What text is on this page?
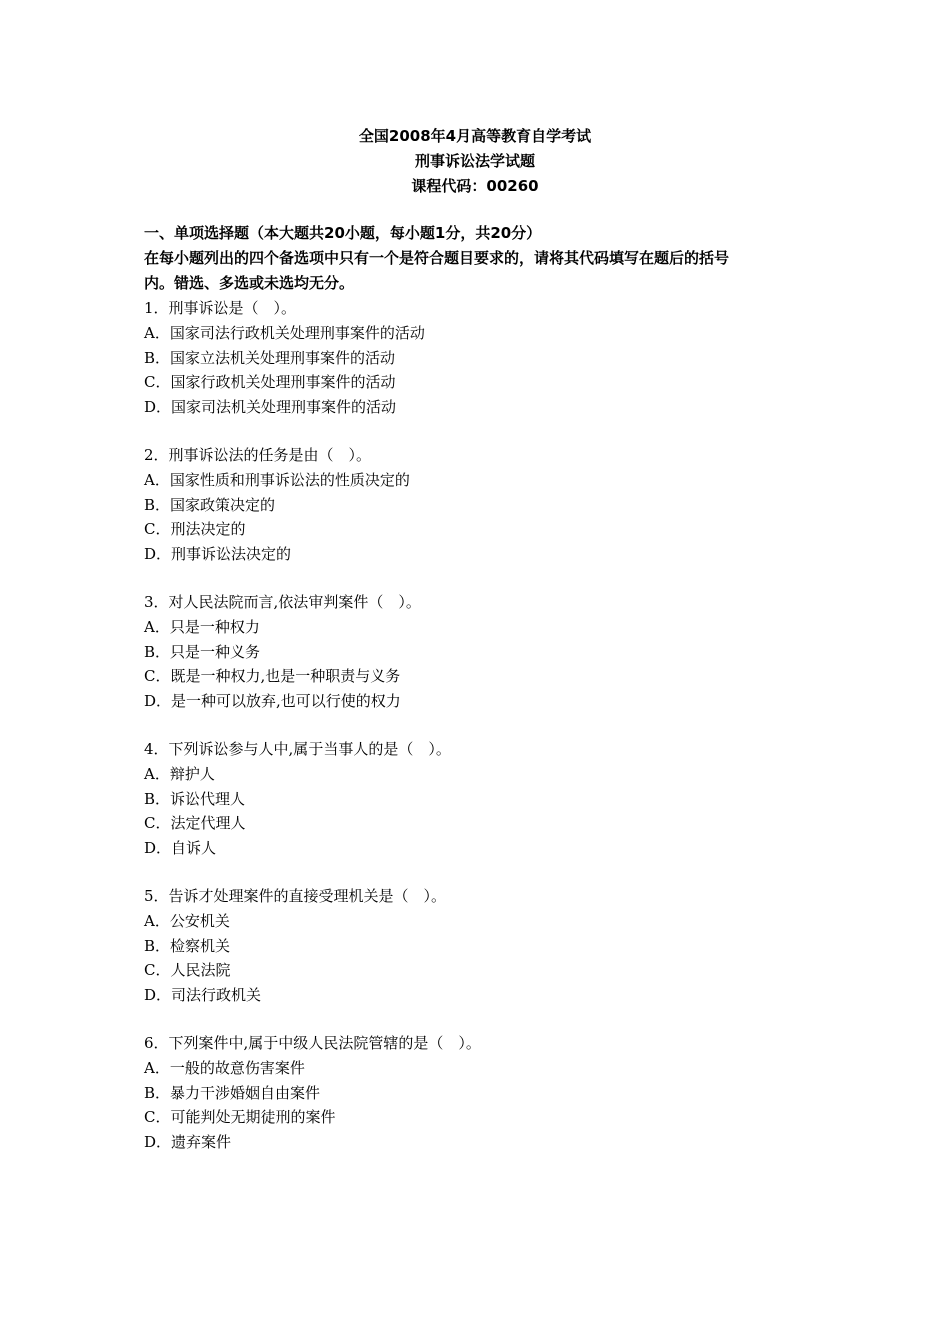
全国2008年4月高等教育自学考试
刑事诉讼法学试题
课程代码：00260
一、单项选择题（本大题共20小题，每小题1分，共20分）
在每小题列出的四个备选项中只有一个是符合题目要求的，请将其代码填写在题后的括号
内。错选、多选或未选均无分。
1．刑事诉讼是（　）。
A．国家司法行政机关处理刑事案件的活动
B．国家立法机关处理刑事案件的活动
C．国家行政机关处理刑事案件的活动
D．国家司法机关处理刑事案件的活动
2．刑事诉讼法的任务是由（　）。
A．国家性质和刑事诉讼法的性质决定的
B．国家政策决定的
C．刑法决定的
D．刑事诉讼法决定的
3．对人民法院而言,依法审判案件（　）。
A．只是一种权力
B．只是一种义务
C．既是一种权力,也是一种职责与义务
D．是一种可以放弃,也可以行使的权力
4．下列诉讼参与人中,属于当事人的是（　）。
A．辩护人
B．诉讼代理人
C．法定代理人
D．自诉人
5．告诉才处理案件的直接受理机关是（　）。
A．公安机关
B．检察机关
C．人民法院
D．司法行政机关
6．下列案件中,属于中级人民法院管辖的是（　）。
A．一般的故意伤害案件
B．暴力干涉婚姻自由案件
C．可能判处无期徒刑的案件
D．遗弃案件
